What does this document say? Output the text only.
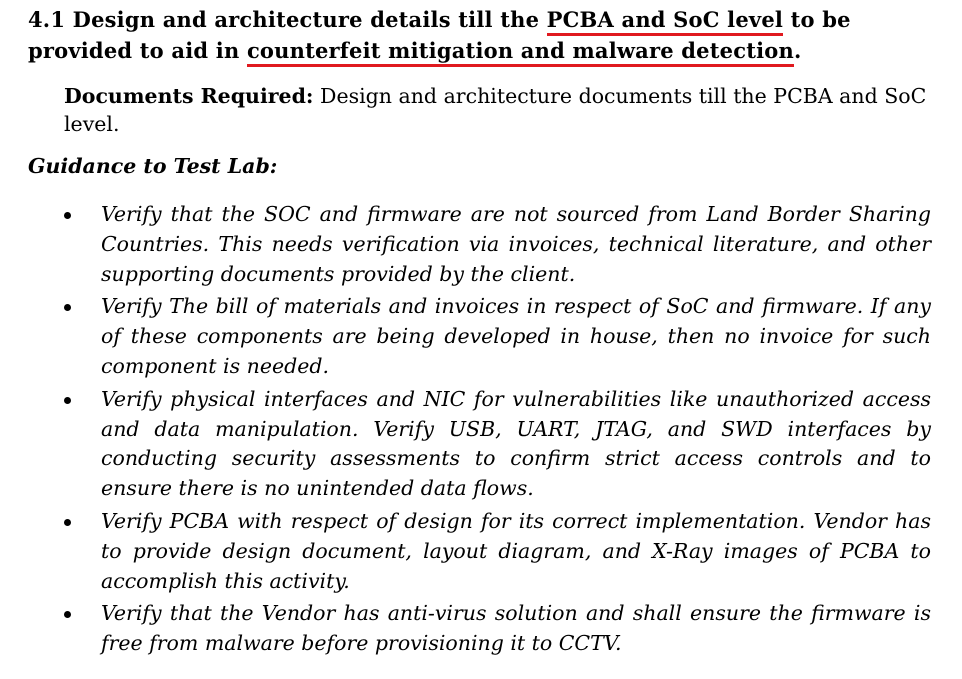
4.1 Design and architecture details till the PCBA and SoC level to be provided to aid in counterfeit mitigation and malware detection.
Documents Required: Design and architecture documents till the PCBA and SoC level.
Guidance to Test Lab:
Verify that the SOC and firmware are not sourced from Land Border Sharing Countries. This needs verification via invoices, technical literature, and other supporting documents provided by the client.
Verify The bill of materials and invoices in respect of SoC and firmware. If any of these components are being developed in house, then no invoice for such component is needed.
Verify physical interfaces and NIC for vulnerabilities like unauthorized access and data manipulation. Verify USB, UART, JTAG, and SWD interfaces by conducting security assessments to confirm strict access controls and to ensure there is no unintended data flows.
Verify PCBA with respect of design for its correct implementation. Vendor has to provide design document, layout diagram, and X-Ray images of PCBA to accomplish this activity.
Verify that the Vendor has anti-virus solution and shall ensure the firmware is free from malware before provisioning it to CCTV.
